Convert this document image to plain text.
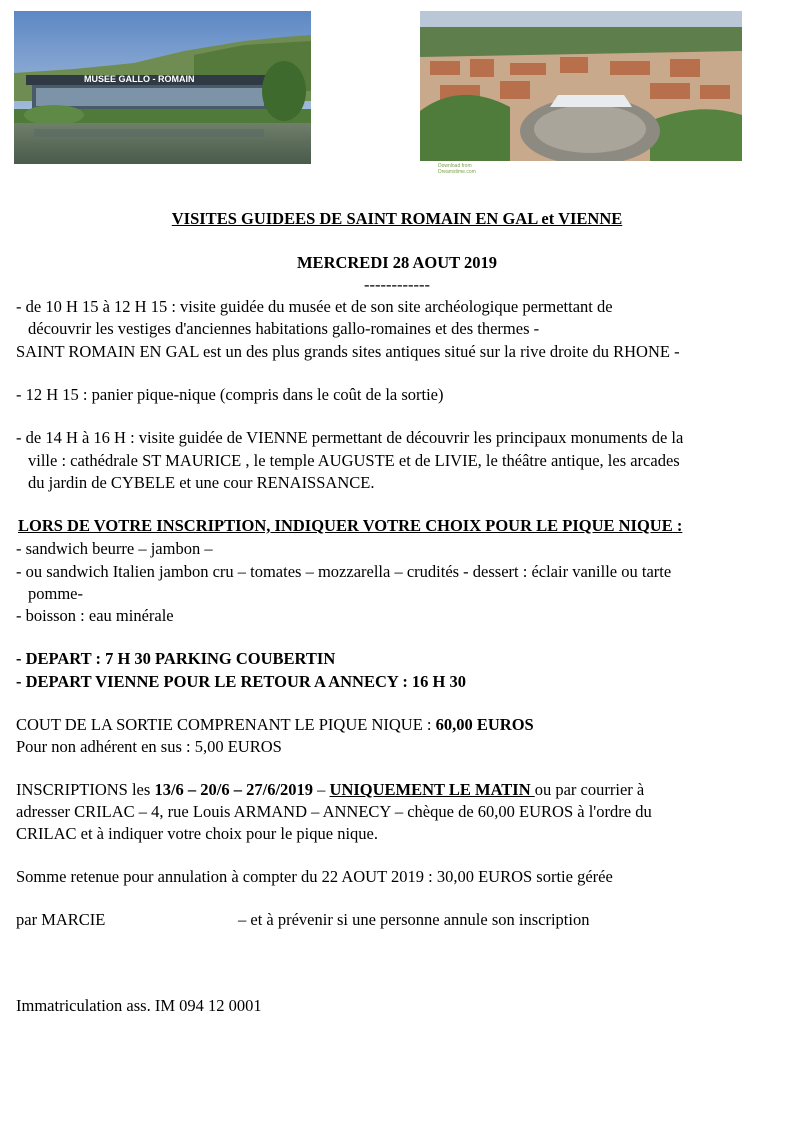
MUSEE GALLO - ROMAIN
Download from Dreamstime.com
VISITES GUIDEES DE SAINT ROMAIN EN GAL et VIENNE
MERCREDI 28 AOUT 2019
------------
- de 10 H 15 à 12 H 15 : visite guidée du musée et de son site archéologique permettant de
découvrir les vestiges d'anciennes habitations gallo-romaines et des thermes -
SAINT ROMAIN EN GAL est un des plus grands sites antiques situé sur la rive droite du RHONE -
- 12 H 15 : panier pique-nique (compris dans le coût de la sortie)
- de 14 H à 16 H : visite guidée de VIENNE permettant de découvrir les principaux monuments de la
ville : cathédrale ST MAURICE , le temple AUGUSTE et de LIVIE, le théâtre antique, les arcades
du jardin de CYBELE et une cour RENAISSANCE.
LORS DE VOTRE INSCRIPTION, INDIQUER VOTRE CHOIX POUR LE PIQUE NIQUE :
- sandwich beurre – jambon –
- ou sandwich Italien jambon cru – tomates – mozzarella – crudités - dessert : éclair vanille ou tarte
pomme-
- boisson : eau minérale
- DEPART : 7 H 30 PARKING COUBERTIN
- DEPART VIENNE POUR LE RETOUR A ANNECY : 16 H 30
COUT DE LA SORTIE COMPRENANT LE PIQUE NIQUE : 60,00 EUROS
Pour non adhérent en sus : 5,00 EUROS
INSCRIPTIONS les 13/6 – 20/6 – 27/6/2019 – UNIQUEMENT LE MATIN ou par courrier à
adresser CRILAC – 4, rue Louis ARMAND – ANNECY – chèque de 60,00 EUROS à l'ordre du
CRILAC et à indiquer votre choix pour le pique nique.
Somme retenue pour annulation à compter du 22 AOUT 2019 : 30,00 EUROS sortie gérée
par MARCIE	– et à prévenir si une personne annule son inscription
Immatriculation ass. IM 094 12 0001
